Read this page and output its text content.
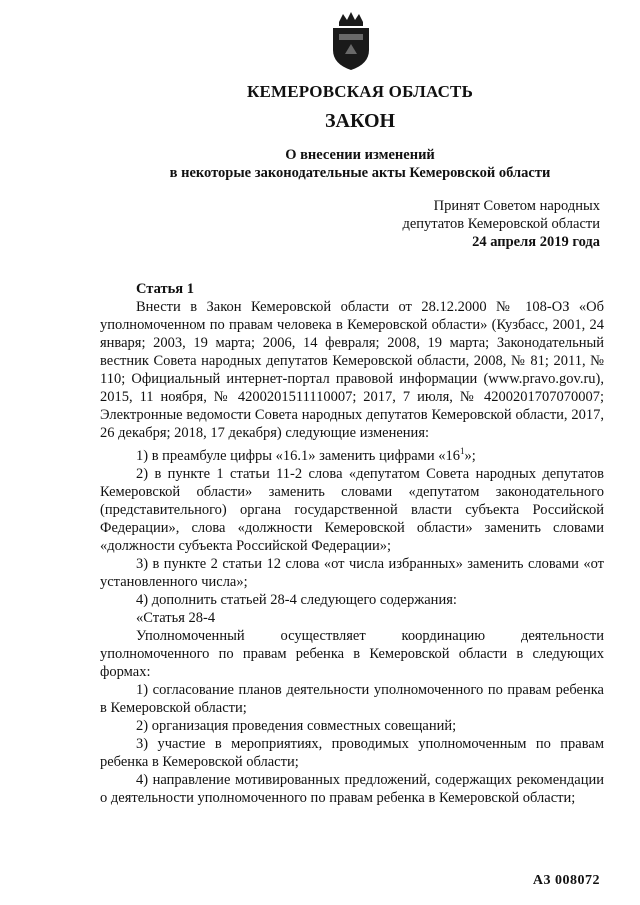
КЕМЕРОВСКАЯ ОБЛАСТЬ
ЗАКОН
О внесении изменений
в некоторые законодательные акты Кемеровской области
Принят Советом народных
депутатов Кемеровской области
24 апреля 2019 года
Статья 1

Внести в Закон Кемеровской области от 28.12.2000 № 108-ОЗ «Об уполномоченном по правам человека в Кемеровской области» (Кузбасс, 2001, 24 января; 2003, 19 марта; 2006, 14 февраля; 2008, 19 марта; Законодательный вестник Совета народных депутатов Кемеровской области, 2008, № 81; 2011, № 110; Официальный интернет-портал правовой информации (www.pravo.gov.ru), 2015, 11 ноября, № 4200201511110007; 2017, 7 июля, № 4200201707070007; Электронные ведомости Совета народных депутатов Кемеровской области, 2017, 26 декабря; 2018, 17 декабря) следующие изменения:

1) в преамбуле цифры «16.1» заменить цифрами «$16^1$»;

2) в пункте 1 статьи 11-2 слова «депутатом Совета народных депутатов Кемеровской области» заменить словами «депутатом законодательного (представительного) органа государственной власти субъекта Российской Федерации», слова «должности Кемеровской области» заменить словами «должности субъекта Российской Федерации»;

3) в пункте 2 статьи 12 слова «от числа избранных» заменить словами «от установленного числа»;

4) дополнить статьей 28-4 следующего содержания:

«Статья 28-4

Уполномоченный осуществляет координацию деятельности уполномоченного по правам ребенка в Кемеровской области в следующих формах:

1) согласование планов деятельности уполномоченного по правам ребенка в Кемеровской области;

2) организация проведения совместных совещаний;

3) участие в мероприятиях, проводимых уполномоченным по правам ребенка в Кемеровской области;

4) направление мотивированных предложений, содержащих рекомендации о деятельности уполномоченного по правам ребенка в Кемеровской области;

А3 008072
